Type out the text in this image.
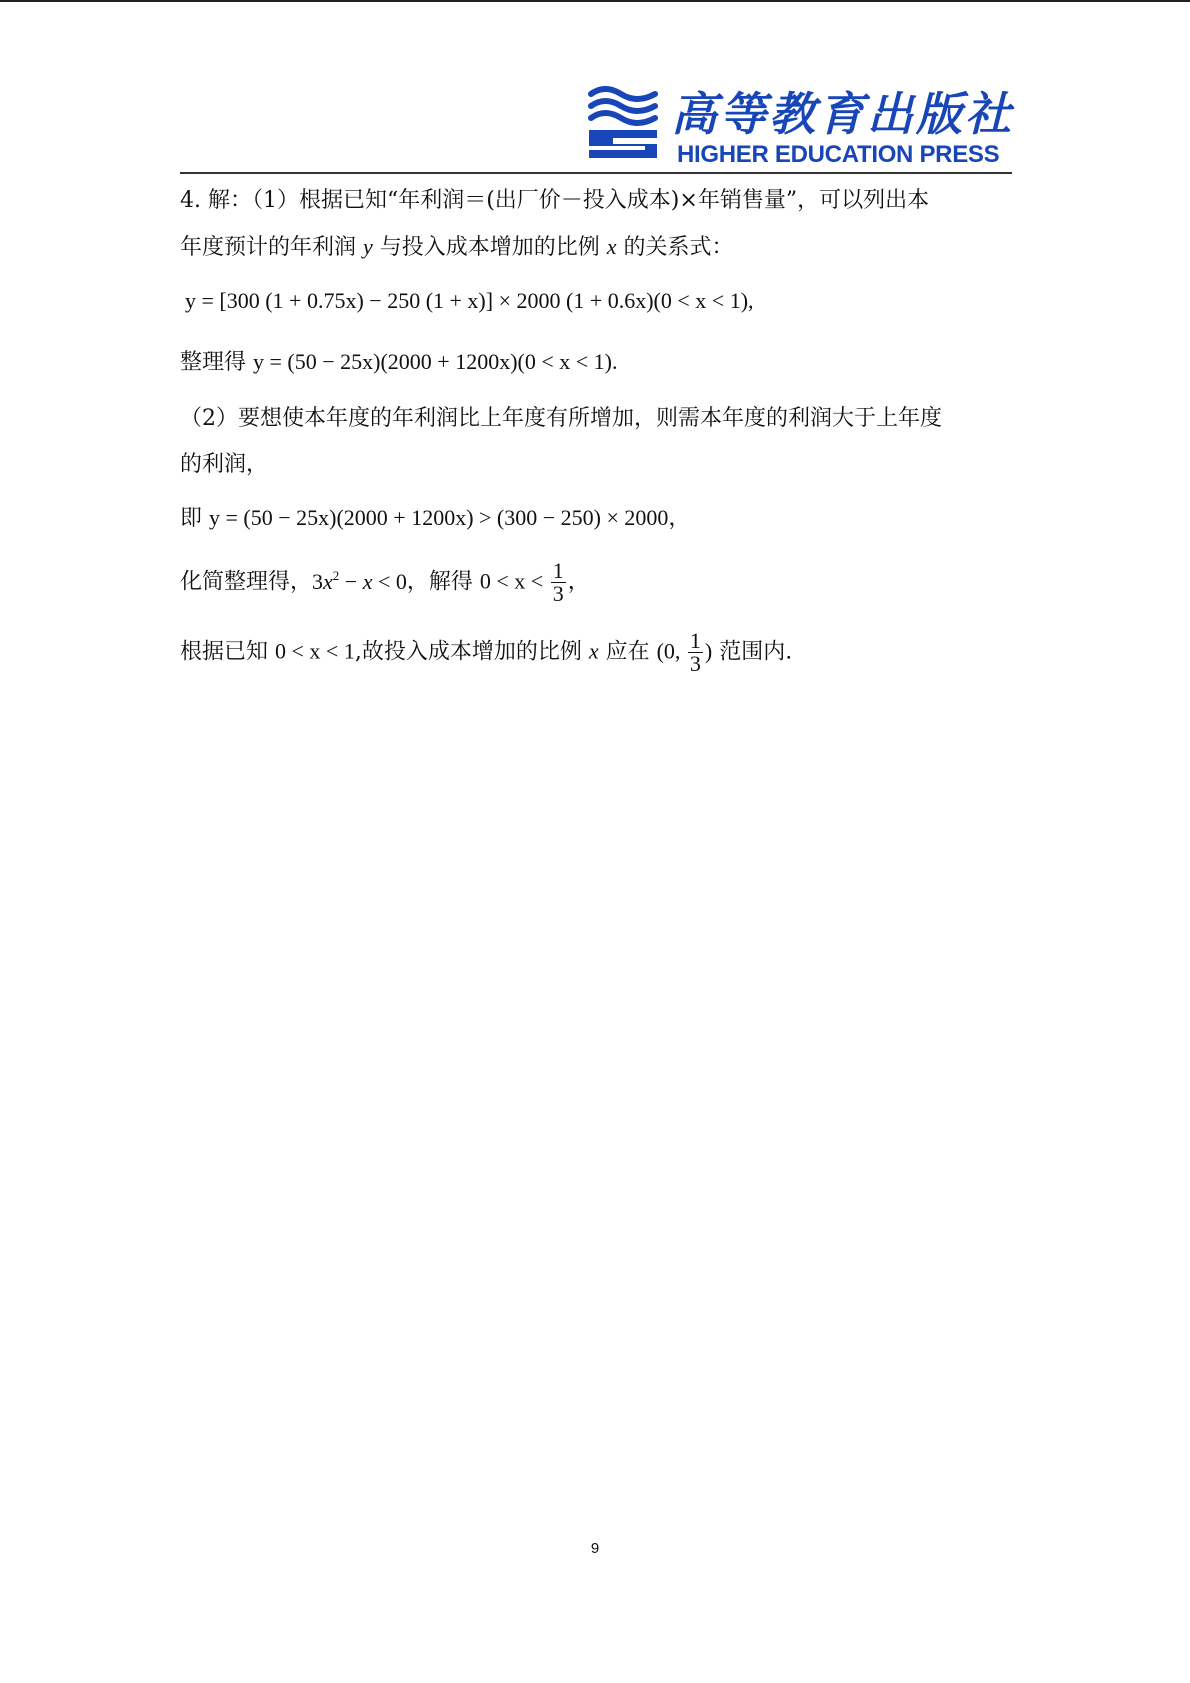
高等教育出版社
HIGHER EDUCATION PRESS
4. 解：（1）根据已知“年利润＝(出厂价－投入成本)×年销售量”，可以列出本
年度预计的年利润 y 与投入成本增加的比例 x 的关系式：
y = [300 (1 + 0.75x) − 250 (1 + x)] × 2000 (1 + 0.6x)(0 < x < 1),
整理得 y = (50 − 25x)(2000 + 1200x)(0 < x < 1).
（2）要想使本年度的年利润比上年度有所增加，则需本年度的利润大于上年度
的利润，
即 y = (50 − 25x)(2000 + 1200x) > (300 − 250) × 2000，
化简整理得，$3x^2 - x < 0$，解得 $0 < x < \frac{1}{3}$ ，
根据已知 0 < x < 1,故投入成本增加的比例 x 应在 (0, $\frac{1}{3}$ ) 范围内.
9
